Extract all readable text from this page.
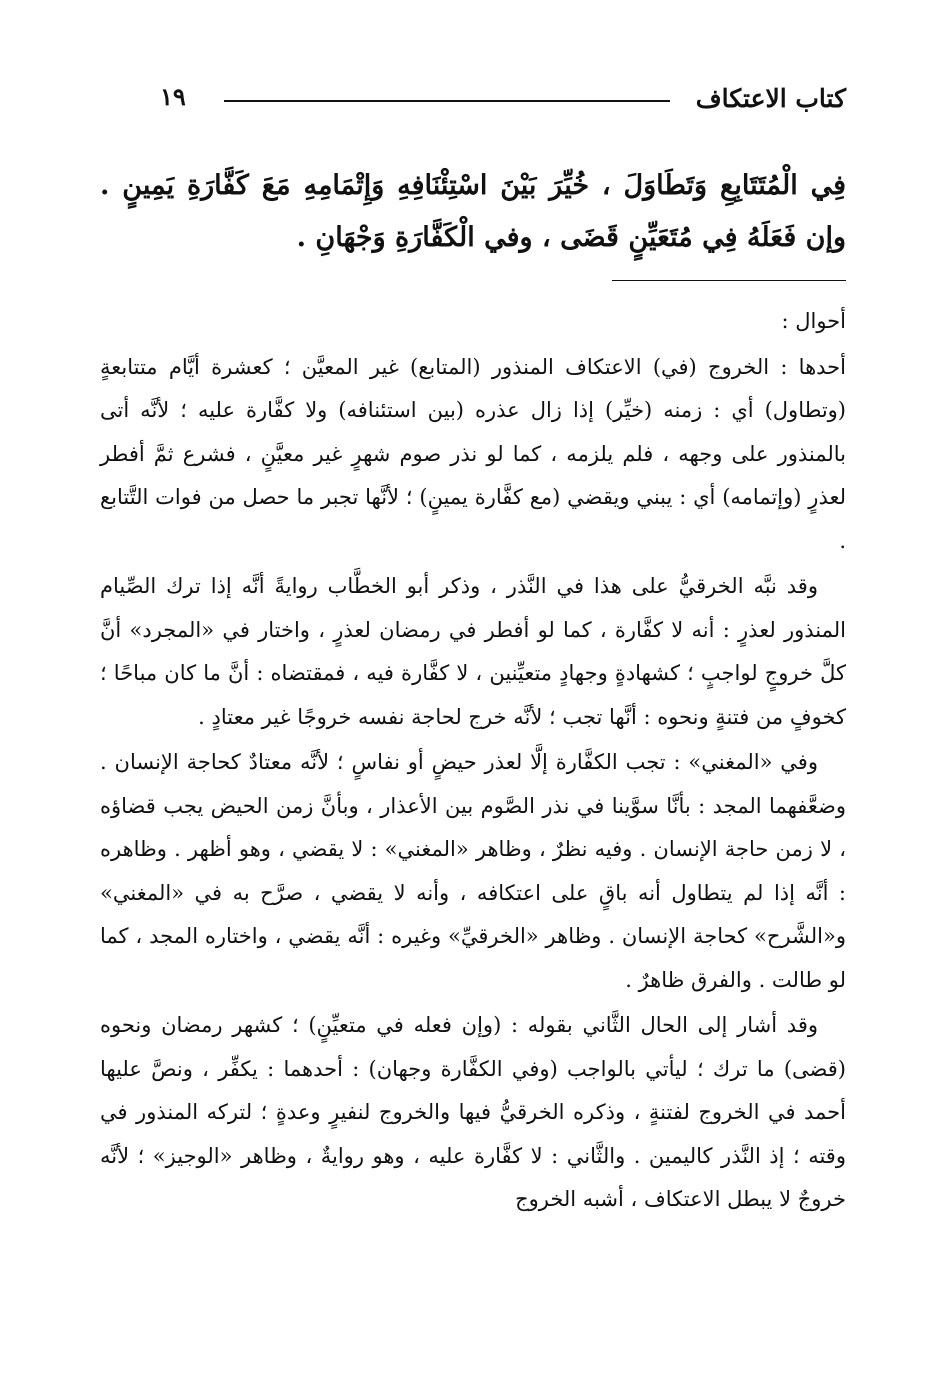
كتاب الاعتكاف
١٩
فِي الْمُتَتَابِعِ وَتَطَاوَلَ ، خُيِّرَ بَيْنَ اسْتِئْنَافِهِ وَإِتْمَامِهِ مَعَ كَفَّارَةِ يَمِينٍ . وإن فَعَلَهُ فِي مُتَعَيِّنٍ قَضَى ، وفي الْكَفَّارَةِ وَجْهَانِ .

أحوال :

أحدها : الخروج (في) الاعتكاف المنذور (المتابع) غير المعيَّن ؛ كعشرة أيَّام متتابعةٍ (وتطاول) أي : زمنه (خيِّر) إذا زال عذره (بين استئنافه) ولا كفَّارة عليه ؛ لأنَّه أتى بالمنذور على وجهه ، فلم يلزمه ، كما لو نذر صوم شهرٍ غير معيَّنٍ ، فشرع ثمَّ أفطر لعذرٍ (وإتمامه) أي : يبني ويقضي (مع كفَّارة يمينٍ) ؛ لأنَّها تجبر ما حصل من فوات التَّتابع .

وقد نبَّه الخرقيُّ على هذا في النَّذر ، وذكر أبو الخطَّاب روايةً أنَّه إذا ترك الصِّيام المنذور لعذرٍ : أنه لا كفَّارة ، كما لو أفطر في رمضان لعذرٍ ، واختار في «المجرد» أنَّ كلَّ خروجٍ لواجبٍ ؛ كشهادةٍ وجهادٍ متعيِّنين ، لا كفَّارة فيه ، فمقتضاه : أنَّ ما كان مباحًا ؛ كخوفٍ من فتنةٍ ونحوه : أنَّها تجب ؛ لأنَّه خرج لحاجة نفسه خروجًا غير معتادٍ .

وفي «المغني» : تجب الكفَّارة إلَّا لعذر حيضٍ أو نفاسٍ ؛ لأنَّه معتادٌ كحاجة الإنسان . وضعَّفهما المجد : بأنَّا سوَّينا في نذر الصَّوم بين الأعذار ، وبأنَّ زمن الحيض يجب قضاؤه ، لا زمن حاجة الإنسان . وفيه نظرٌ ، وظاهر «المغني» : لا يقضي ، وهو أظهر . وظاهره : أنَّه إذا لم يتطاول أنه باقٍ على اعتكافه ، وأنه لا يقضي ، صرَّح به في «المغني» و«الشَّرح» كحاجة الإنسان . وظاهر «الخرقيِّ» وغيره : أنَّه يقضي ، واختاره المجد ، كما لو طالت . والفرق ظاهرٌ .

وقد أشار إلى الحال الثَّاني بقوله : (وإن فعله في متعيِّنٍ) ؛ كشهر رمضان ونحوه (قضى) ما ترك ؛ ليأتي بالواجب (وفي الكفَّارة وجهان) : أحدهما : يكفِّر ، ونصَّ عليها أحمد في الخروج لفتنةٍ ، وذكره الخرقيُّ فيها والخروج لنفيرٍ وعدةٍ ؛ لتركه المنذور في وقته ؛ إذ النَّذر كاليمين . والثَّاني : لا كفَّارة عليه ، وهو روايةٌ ، وظاهر «الوجيز» ؛ لأنَّه خروجٌ لا يبطل الاعتكاف ، أشبه الخروج
